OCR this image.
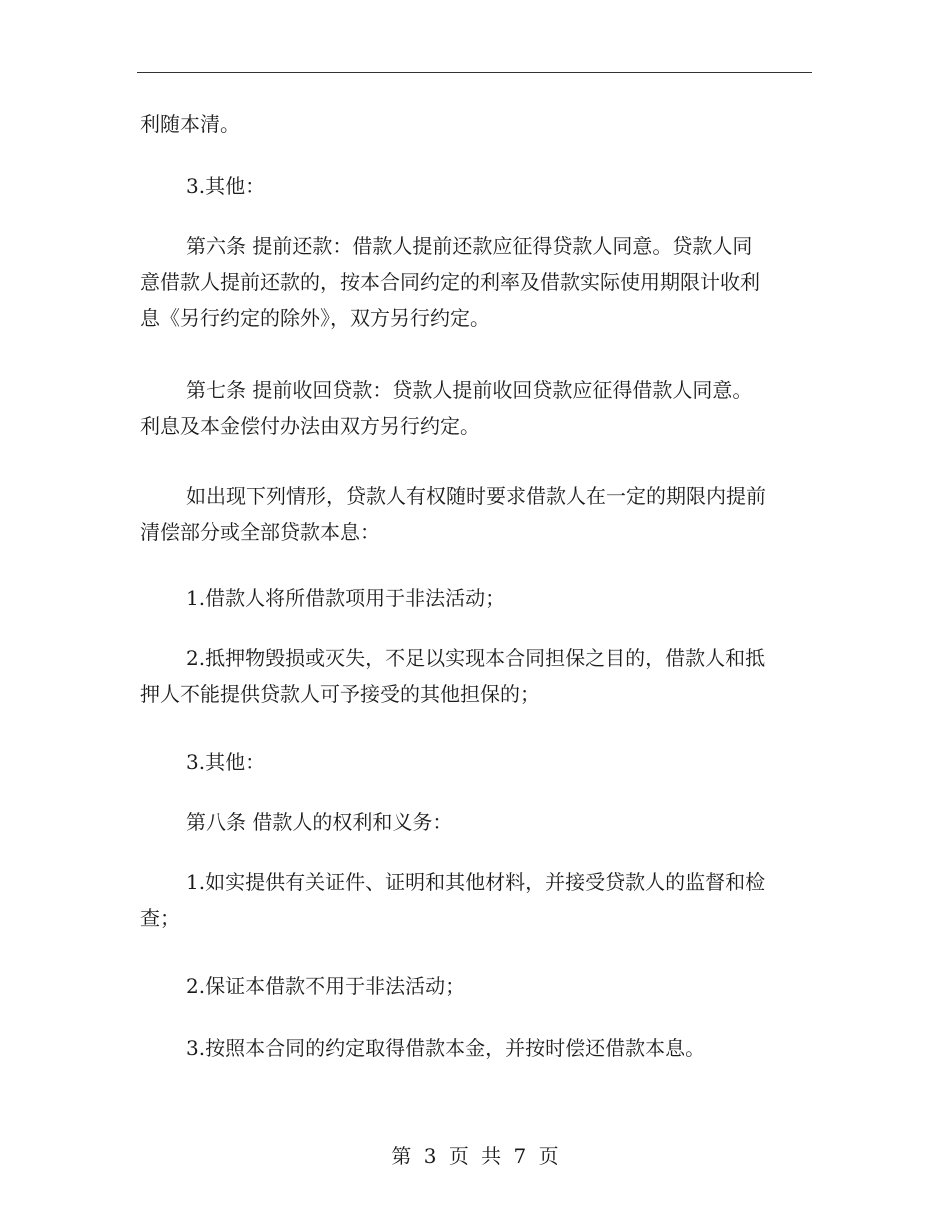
利随本清。
3.其他：
第六条 提前还款：借款人提前还款应征得贷款人同意。贷款人同
意借款人提前还款的，按本合同约定的利率及借款实际使用期限计收利
息《另行约定的除外》，双方另行约定。
第七条 提前收回贷款：贷款人提前收回贷款应征得借款人同意。
利息及本金偿付办法由双方另行约定。
如出现下列情形，贷款人有权随时要求借款人在一定的期限内提前
清偿部分或全部贷款本息：
1.借款人将所借款项用于非法活动；
2.抵押物毁损或灭失，不足以实现本合同担保之目的，借款人和抵
押人不能提供贷款人可予接受的其他担保的；
3.其他：
第八条 借款人的权利和义务：
1.如实提供有关证件、证明和其他材料，并接受贷款人的监督和检
查；
2.保证本借款不用于非法活动；
3.按照本合同的约定取得借款本金，并按时偿还借款本息。
第 3 页 共 7 页
